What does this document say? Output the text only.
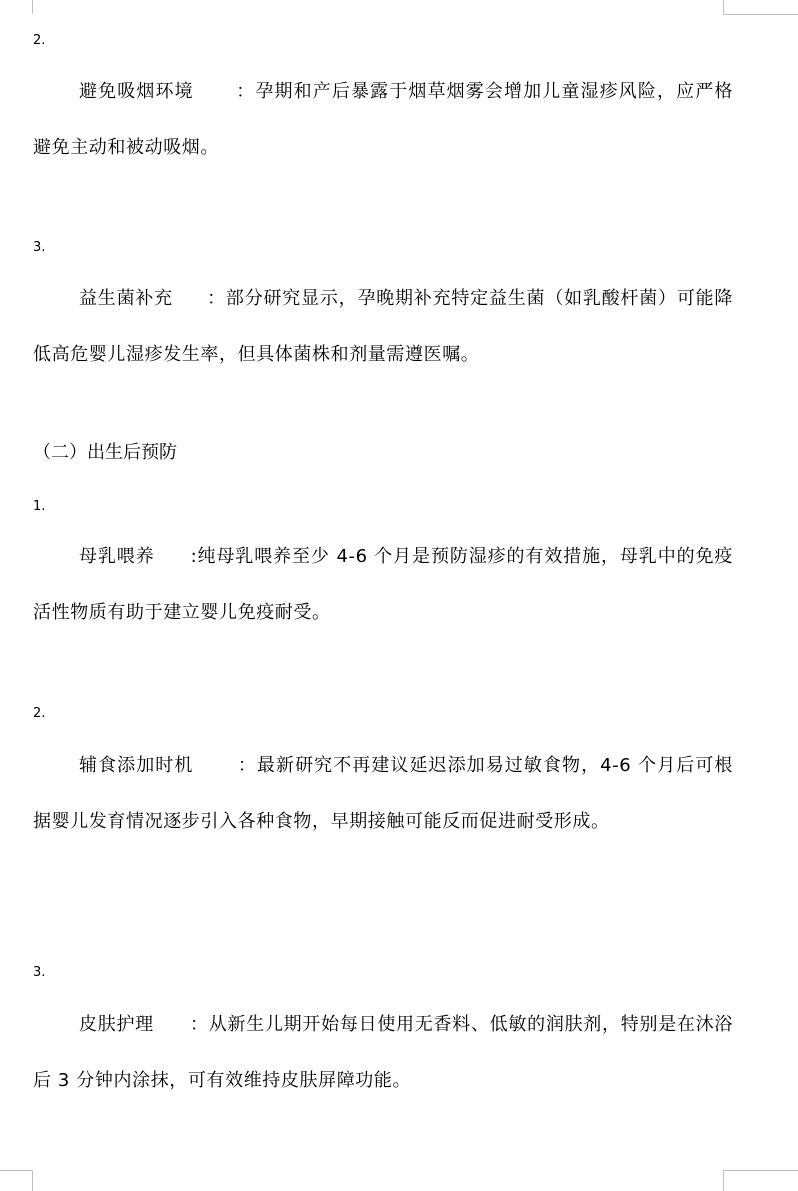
2.
避免吸烟环境 ：孕期和产后暴露于烟草烟雾会增加儿童湿疹风险，应严格避免主动和被动吸烟。
3.
益生菌补充 ：部分研究显示，孕晚期补充特定益生菌（如乳酸杆菌）可能降低高危婴儿湿疹发生率，但具体菌株和剂量需遵医嘱。
（二）出生后预防
1.
母乳喂养 :纯母乳喂养至少 4-6 个月是预防湿疹的有效措施，母乳中的免疫活性物质有助于建立婴儿免疫耐受。
2.
辅食添加时机 ：最新研究不再建议延迟添加易过敏食物，4-6 个月后可根据婴儿发育情况逐步引入各种食物，早期接触可能反而促进耐受形成。
3.
皮肤护理 ：从新生儿期开始每日使用无香料、低敏的润肤剂，特别是在沐浴后 3 分钟内涂抹，可有效维持皮肤屏障功能。
